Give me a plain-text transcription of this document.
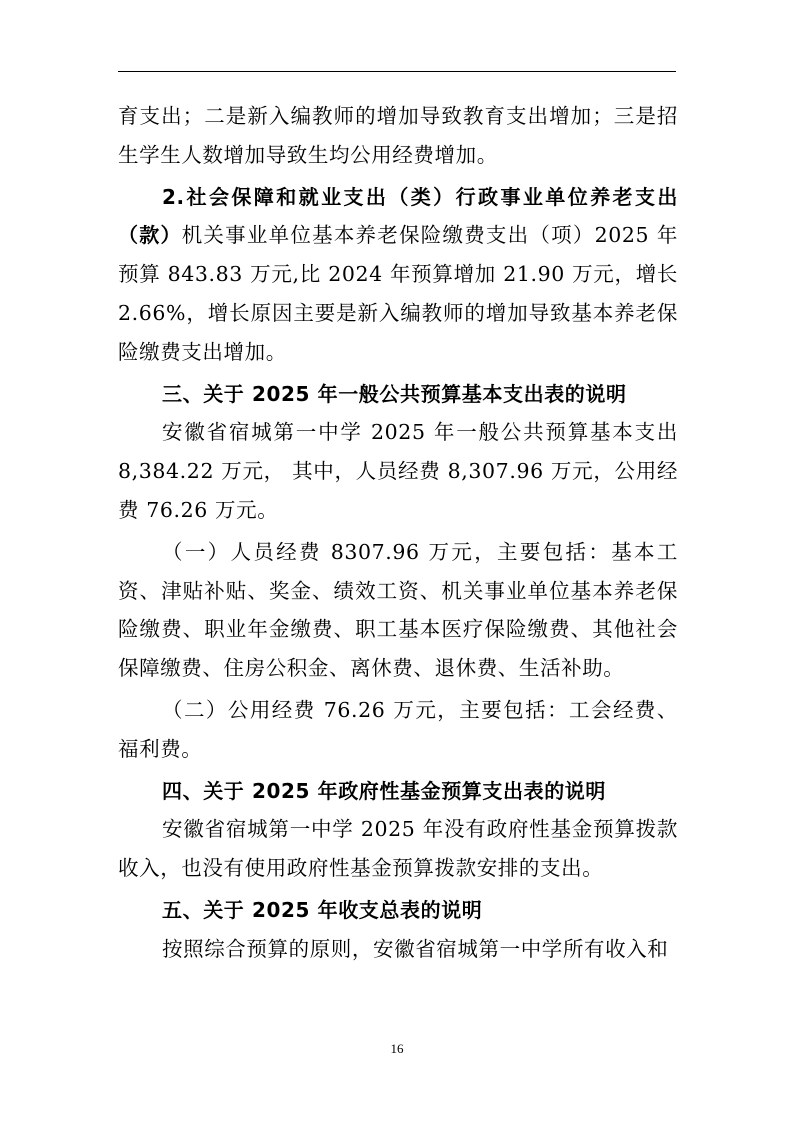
育支出；二是新入编教师的增加导致教育支出增加；三是招生学生人数增加导致生均公用经费增加。

2.社会保障和就业支出（类）行政事业单位养老支出（款）机关事业单位基本养老保险缴费支出（项）2025 年预算 843.83 万元,比 2024 年预算增加 21.90 万元，增长 2.66%，增长原因主要是新入编教师的增加导致基本养老保险缴费支出增加。

三、关于 2025 年一般公共预算基本支出表的说明

安徽省宿城第一中学 2025 年一般公共预算基本支出 8,384.22 万元， 其中，人员经费 8,307.96 万元，公用经费 76.26 万元。

（一）人员经费 8307.96 万元，主要包括：基本工资、津贴补贴、奖金、绩效工资、机关事业单位基本养老保险缴费、职业年金缴费、职工基本医疗保险缴费、其他社会保障缴费、住房公积金、离休费、退休费、生活补助。

（二）公用经费 76.26 万元，主要包括：工会经费、福利费。

四、关于 2025 年政府性基金预算支出表的说明

安徽省宿城第一中学 2025 年没有政府性基金预算拨款收入，也没有使用政府性基金预算拨款安排的支出。

五、关于 2025 年收支总表的说明

按照综合预算的原则，安徽省宿城第一中学所有收入和

16
